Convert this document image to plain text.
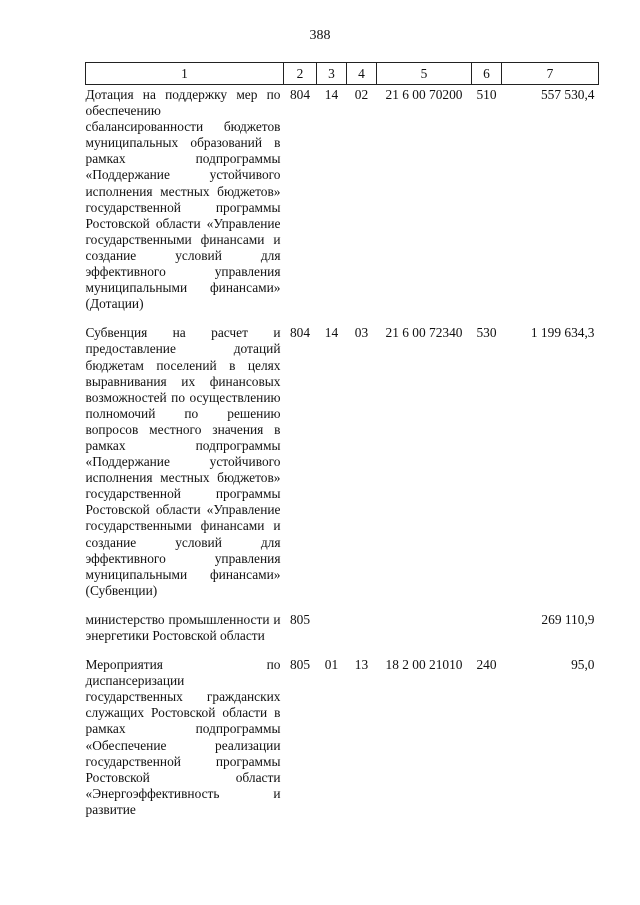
388
1	2	3	4	5	6	7
Дотация на поддержку мер по обеспечению сбалансированности бюджетов муниципальных образований в рамках подпрограммы «Поддержание устойчивого исполнения местных бюджетов» государственной программы Ростовской области «Управление государственными финансами и создание условий для эффективного управления муниципальными финансами» (Дотации)	804	14	02	21 6 00 70200	510	557 530,4
Субвенция на расчет и предоставление дотаций бюджетам поселений в целях выравнивания их финансовых возможностей по осуществлению полномочий по решению вопросов местного значения в рамках подпрограммы «Поддержание устойчивого исполнения местных бюджетов» государственной программы Ростовской области «Управление государственными финансами и создание условий для эффективного управления муниципальными финансами» (Субвенции)	804	14	03	21 6 00 72340	530	1 199 634,3
министерство промышленности и энергетики Ростовской области	805					269 110,9
Мероприятия по диспансеризации государственных гражданских служащих Ростовской области в рамках подпрограммы «Обеспечение реализации государственной программы Ростовской области «Энергоэффективность и развитие	805	01	13	18 2 00 21010	240	95,0
